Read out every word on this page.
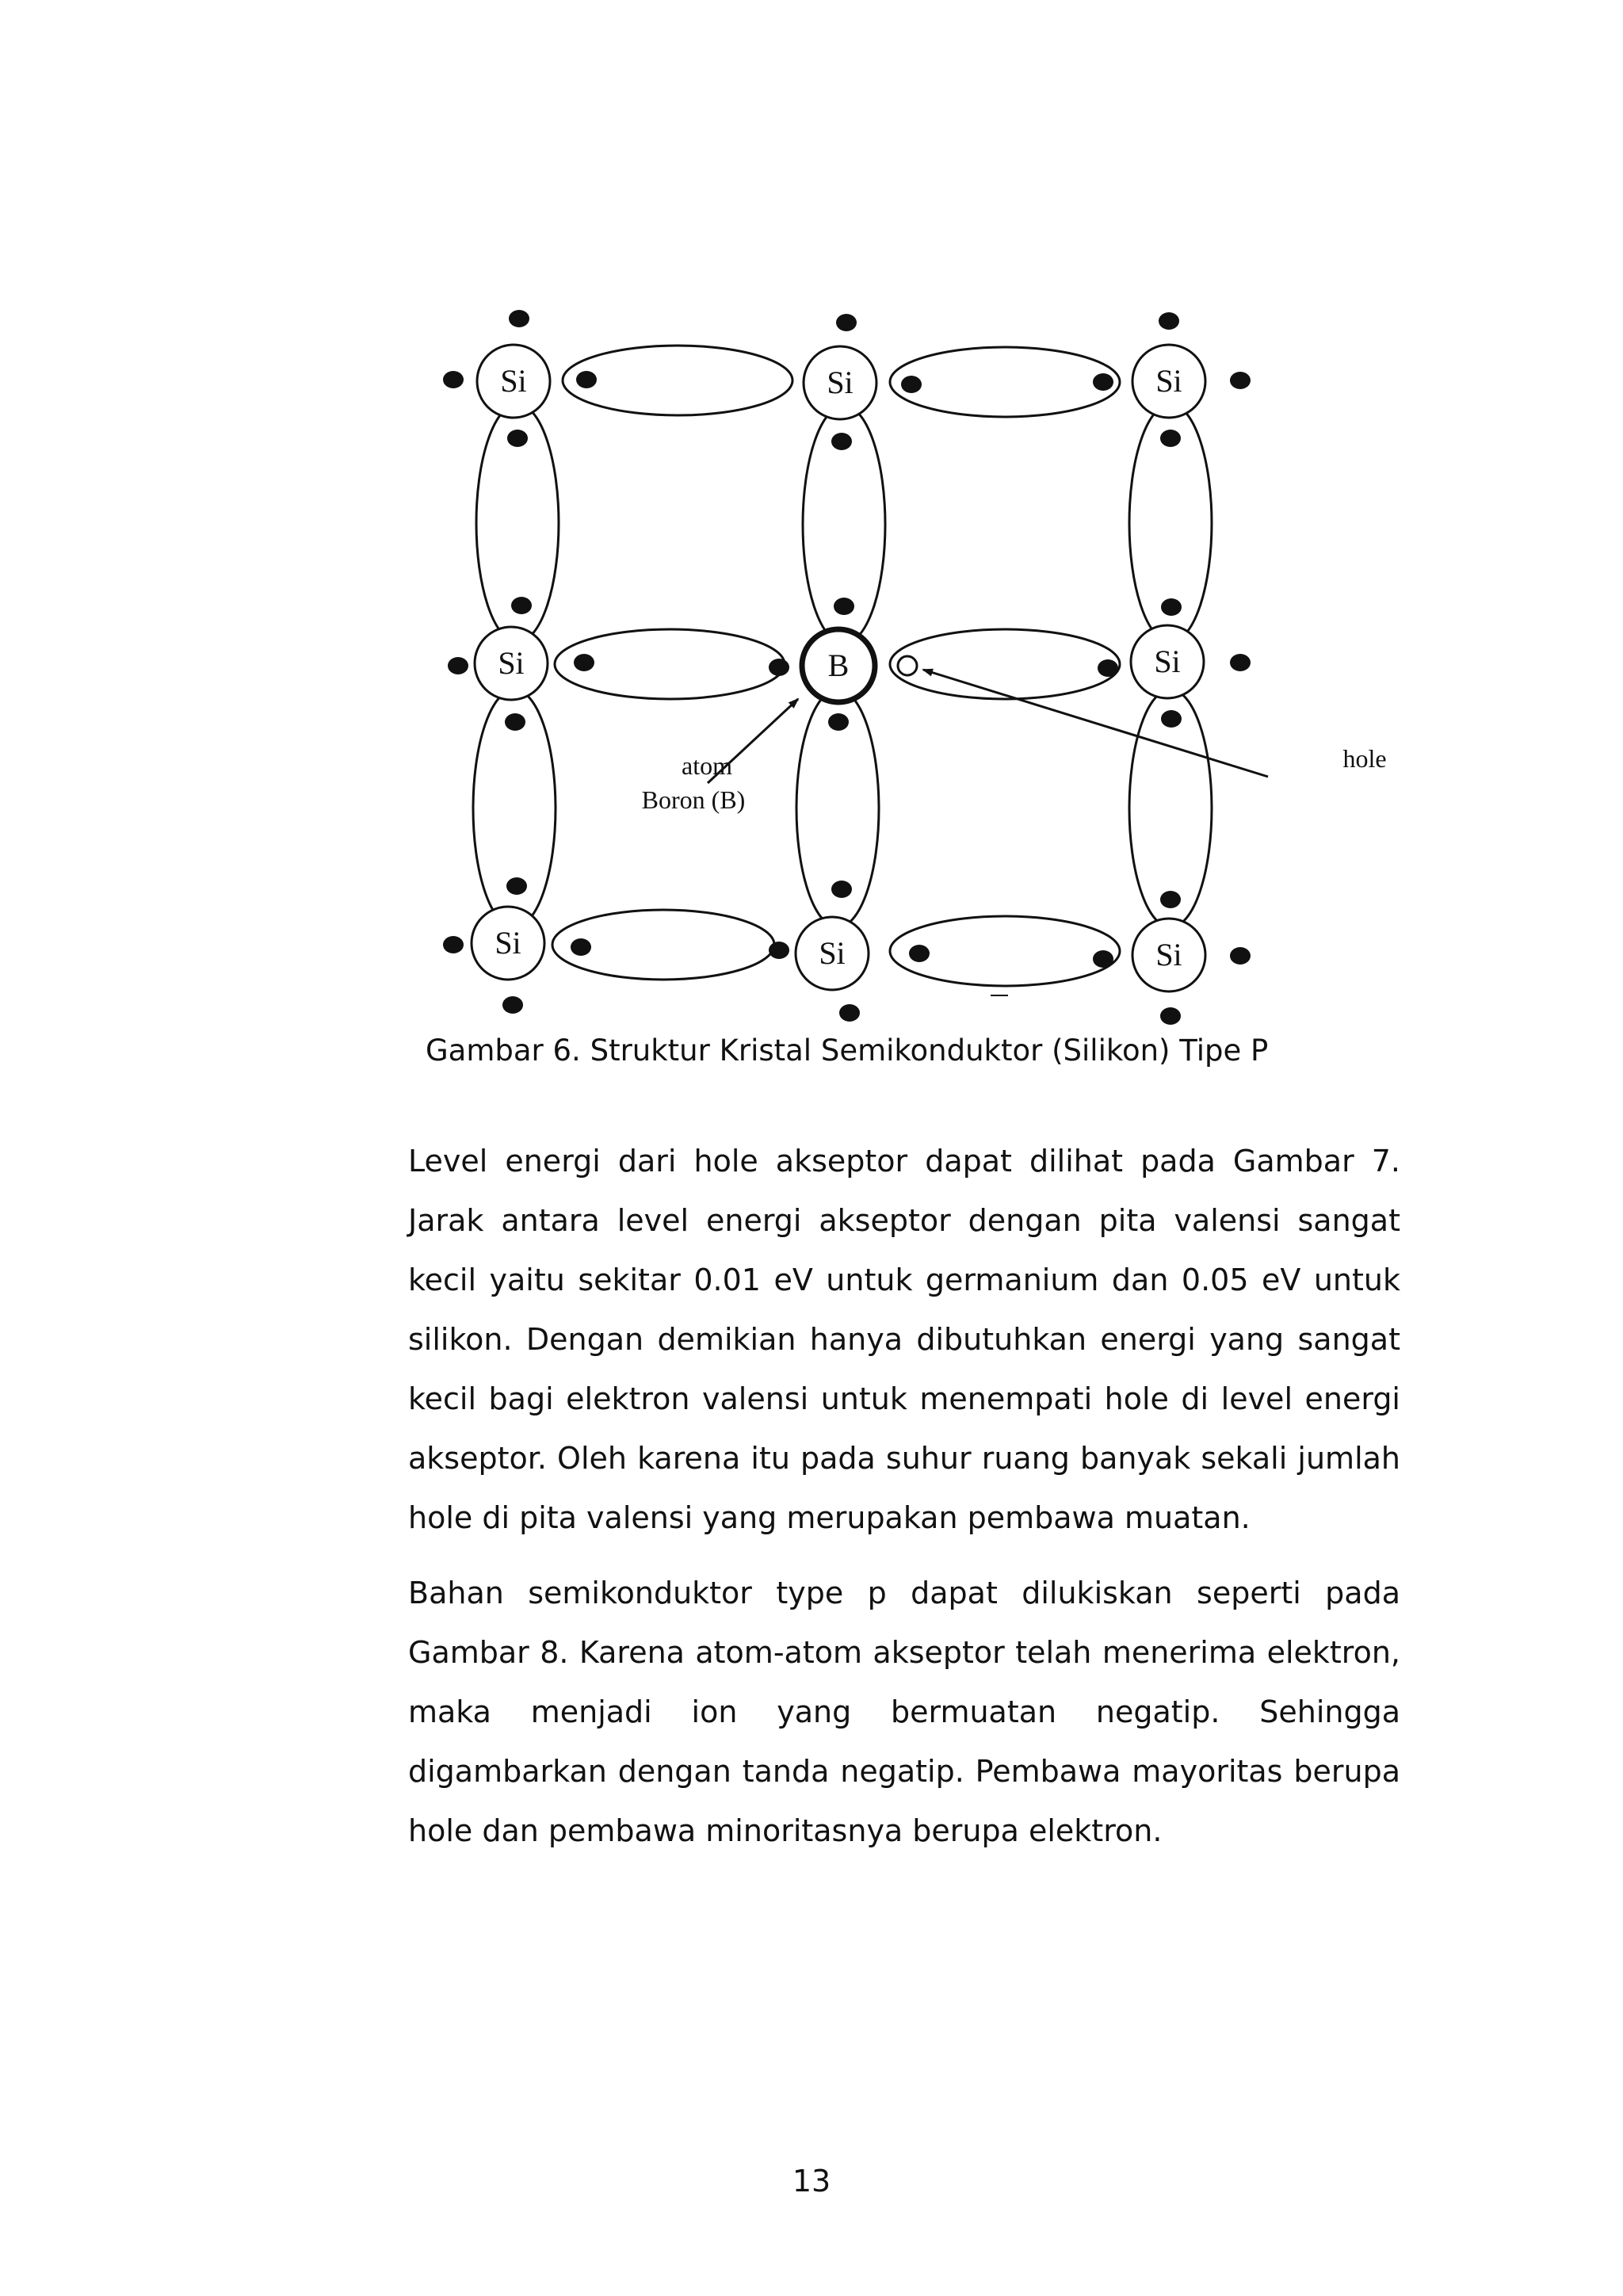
Si	Si	Si
Si	B	Si
Si	Si	Si
atom
Boron (B)
hole

Gambar 6. Struktur Kristal Semikonduktor (Silikon) Tipe P

Level energi dari hole akseptor dapat dilihat pada Gambar 7. Jarak antara level energi akseptor dengan pita valensi sangat kecil yaitu sekitar 0.01 eV untuk germanium dan 0.05 eV untuk silikon. Dengan demikian hanya dibutuhkan energi yang sangat kecil bagi elektron valensi untuk menempati hole di level energi akseptor. Oleh karena itu pada suhur ruang banyak sekali jumlah hole di pita valensi yang merupakan pembawa muatan.

Bahan semikonduktor type p dapat dilukiskan seperti pada Gambar 8. Karena atom-atom akseptor telah menerima elektron, maka menjadi ion yang bermuatan negatip. Sehingga digambarkan dengan tanda negatip. Pembawa mayoritas berupa hole dan pembawa minoritasnya berupa elektron.

13
